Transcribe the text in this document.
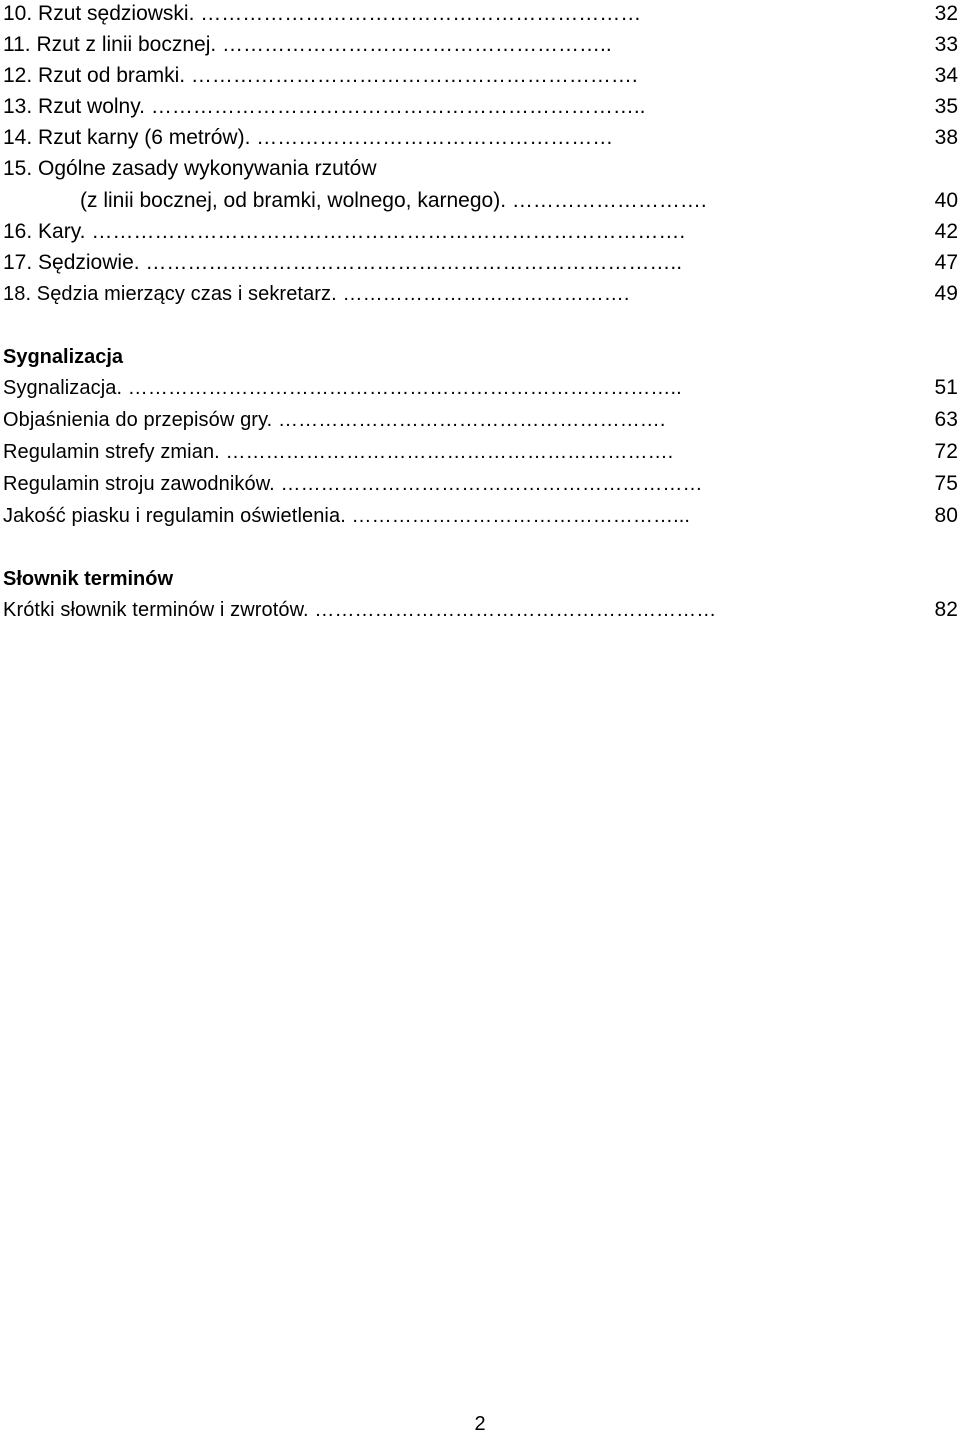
10. Rzut sędziowski. ………………………………………………………	32
11. Rzut z linii bocznej. ………………………………………………..	33
12. Rzut od bramki. ……………………………………………………….	34
13. Rzut wolny. ……………………………………………………………..	35
14. Rzut karny (6 metrów). ……………………………………………	38
15. Ogólne zasady wykonywania rzutów
(z linii bocznej, od bramki, wolnego, karnego). ……………………….	40
16. Kary. ………………………………………………………………………….	42
17. Sędziowie. …………………………………………………………………..	47
18. Sędzia mierzący czas i sekretarz. …………………………………….	49
Sygnalizacja
Sygnalizacja. ………………………………………………………………………..	51
Objaśnienia do przepisów gry. ………………………………………………….	63
Regulamin strefy zmian. ………………………………………………………….	72
Regulamin stroju zawodników. ………………………………………………………	75
Jakość piasku i regulamin oświetlenia. …………………………………………...	80
Słownik terminów
Krótki słownik terminów i zwrotów. ……………………………………………………	82
2
